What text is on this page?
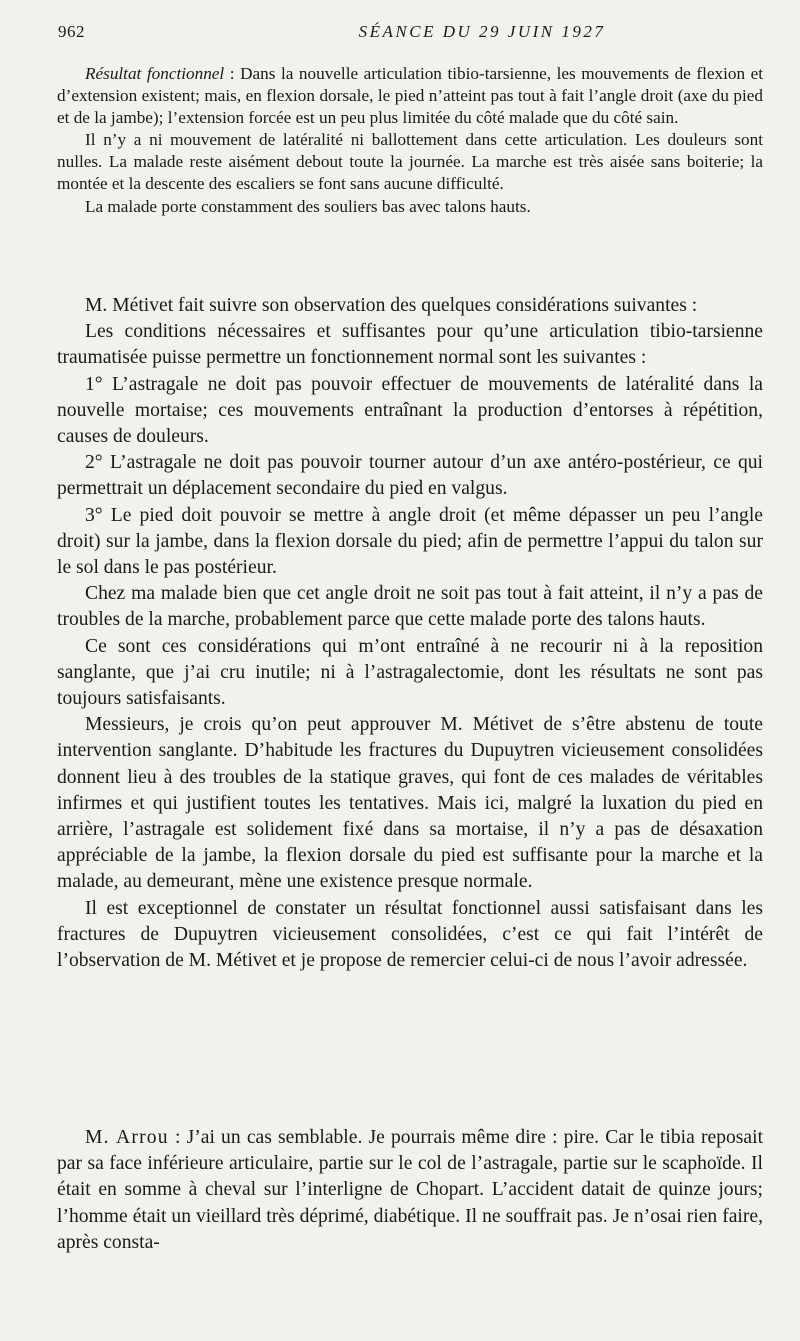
962	SÉANCE DU 29 JUIN 1927

Résultat fonctionnel : Dans la nouvelle articulation tibio-tarsienne, les mouvements de flexion et d’extension existent; mais, en flexion dorsale, le pied n’atteint pas tout à fait l’angle droit (axe du pied et de la jambe); l’extension forcée est un peu plus limitée du côté malade que du côté sain.

Il n’y a ni mouvement de latéralité ni ballottement dans cette articulation. Les douleurs sont nulles. La malade reste aisément debout toute la journée. La marche est très aisée sans boiterie; la montée et la descente des escaliers se font sans aucune difficulté.

La malade porte constamment des souliers bas avec talons hauts.

M. Métivet fait suivre son observation des quelques considérations suivantes :

Les conditions nécessaires et suffisantes pour qu’une articulation tibio-tarsienne traumatisée puisse permettre un fonctionnement normal sont les suivantes :

1° L’astragale ne doit pas pouvoir effectuer de mouvements de latéralité dans la nouvelle mortaise; ces mouvements entraînant la production d’entorses à répétition, causes de douleurs.

2° L’astragale ne doit pas pouvoir tourner autour d’un axe antéro-postérieur, ce qui permettrait un déplacement secondaire du pied en valgus.

3° Le pied doit pouvoir se mettre à angle droit (et même dépasser un peu l’angle droit) sur la jambe, dans la flexion dorsale du pied; afin de permettre l’appui du talon sur le sol dans le pas postérieur.

Chez ma malade bien que cet angle droit ne soit pas tout à fait atteint, il n’y a pas de troubles de la marche, probablement parce que cette malade porte des talons hauts.

Ce sont ces considérations qui m’ont entraîné à ne recourir ni à la reposition sanglante, que j’ai cru inutile; ni à l’astragalectomie, dont les résultats ne sont pas toujours satisfaisants.

Messieurs, je crois qu’on peut approuver M. Métivet de s’être abstenu de toute intervention sanglante. D’habitude les fractures du Dupuytren vicieusement consolidées donnent lieu à des troubles de la statique graves, qui font de ces malades de véritables infirmes et qui justifient toutes les tentatives. Mais ici, malgré la luxation du pied en arrière, l’astragale est solidement fixé dans sa mortaise, il n’y a pas de désaxation appréciable de la jambe, la flexion dorsale du pied est suffisante pour la marche et la malade, au demeurant, mène une existence presque normale.

Il est exceptionnel de constater un résultat fonctionnel aussi satisfaisant dans les fractures de Dupuytren vicieusement consolidées, c’est ce qui fait l’intérêt de l’observation de M. Métivet et je propose de remercier celui-ci de nous l’avoir adressée.

M. Arrou : J’ai un cas semblable. Je pourrais même dire : pire. Car le tibia reposait par sa face inférieure articulaire, partie sur le col de l’astragale, partie sur le scaphoïde. Il était en somme à cheval sur l’interligne de Chopart. L’accident datait de quinze jours; l’homme était un vieillard très déprimé, diabétique. Il ne souffrait pas. Je n’osai rien faire, après consta-
